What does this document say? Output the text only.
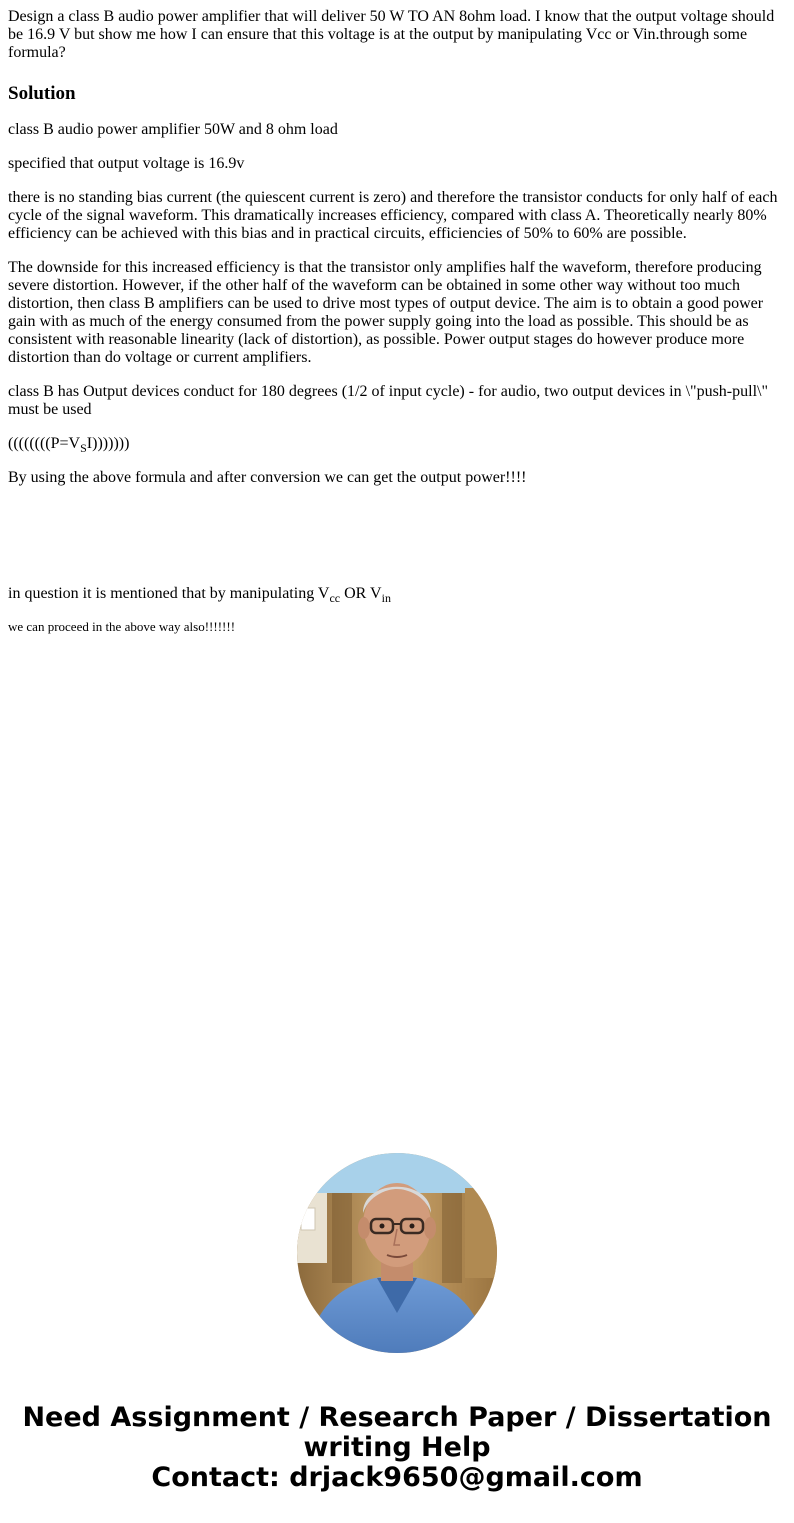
Design a class B audio power amplifier that will deliver 50 W TO AN 8ohm load. I know that the output voltage should be 16.9 V but show me how I can ensure that this voltage is at the output by manipulating Vcc or Vin.through some formula?
Solution
class B audio power amplifier 50W and 8 ohm load
specified that output voltage is 16.9v
there is no standing bias current (the quiescent current is zero) and therefore the transistor conducts for only half of each cycle of the signal waveform. This dramatically increases efficiency, compared with class A. Theoretically nearly 80% efficiency can be achieved with this bias and in practical circuits, efficiencies of 50% to 60% are possible.
The downside for this increased efficiency is that the transistor only amplifies half the waveform, therefore producing severe distortion. However, if the other half of the waveform can be obtained in some other way without too much distortion, then class B amplifiers can be used to drive most types of output device. The aim is to obtain a good power gain with as much of the energy consumed from the power supply going into the load as possible. This should be as consistent with reasonable linearity (lack of distortion), as possible. Power output stages do however produce more distortion than do voltage or current amplifiers.
class B has Output devices conduct for 180 degrees (1/2 of input cycle) - for audio, two output devices in \"push-pull\" must be used
($(((((((P=V_SI)))))))$
By using the above formula and after conversion we can get the output power!!!!
in question it is mentioned that by manipulating $V_{cc}$ OR $V_{in}$
we can proceed in the above way also!!!!!!!
Need Assignment / Research Paper / Dissertation
writing Help
Contact: drjack9650@gmail.com
